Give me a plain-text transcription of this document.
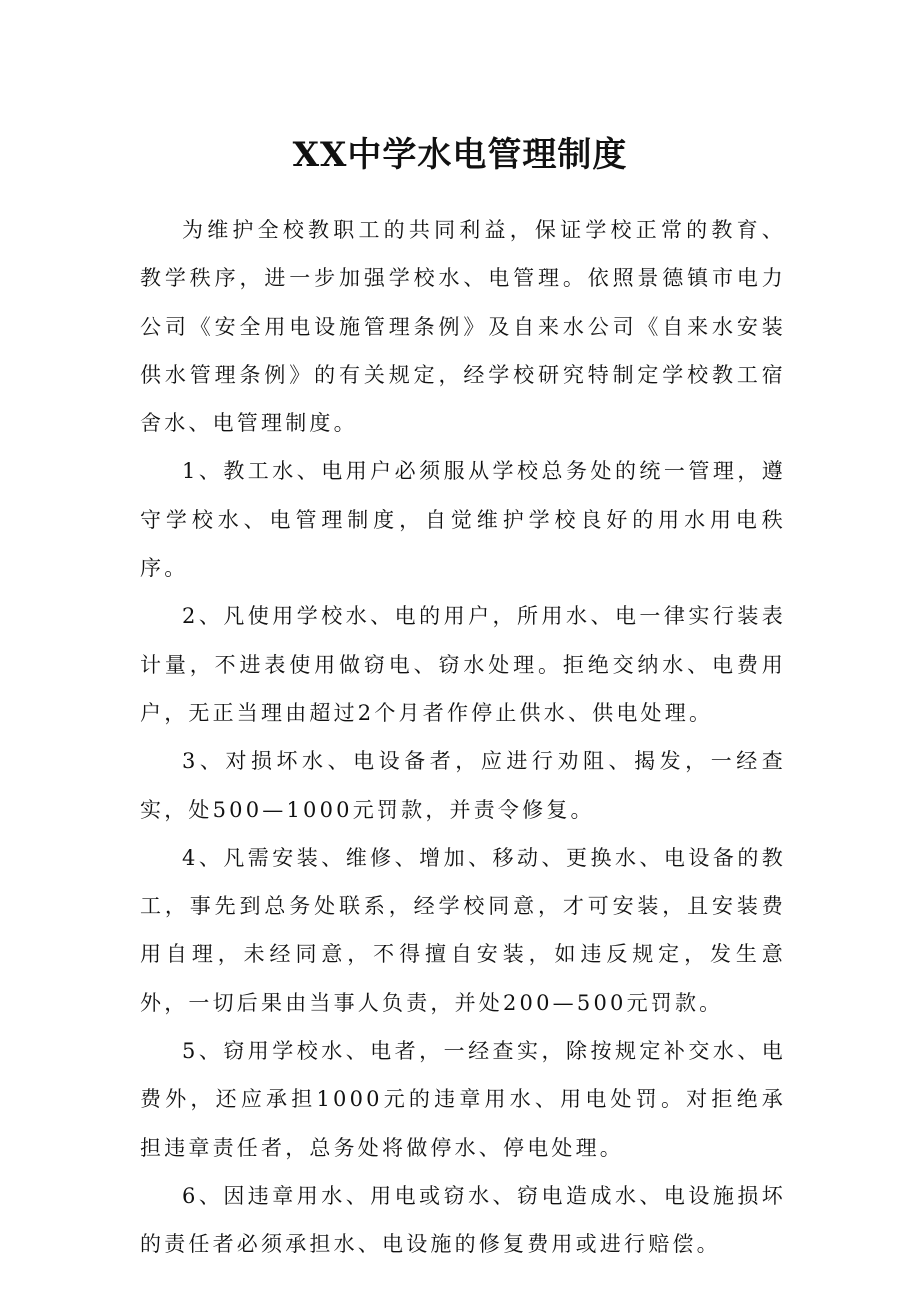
XX中学水电管理制度

为维护全校教职工的共同利益，保证学校正常的教育、教学秩序，进一步加强学校水、电管理。依照景德镇市电力公司《安全用电设施管理条例》及自来水公司《自来水安装供水管理条例》的有关规定，经学校研究特制定学校教工宿舍水、电管理制度。

1、教工水、电用户必须服从学校总务处的统一管理，遵守学校水、电管理制度，自觉维护学校良好的用水用电秩序。

2、凡使用学校水、电的用户，所用水、电一律实行装表计量，不进表使用做窃电、窃水处理。拒绝交纳水、电费用户，无正当理由超过2个月者作停止供水、供电处理。

3、对损坏水、电设备者，应进行劝阻、揭发，一经查实，处500—1000元罚款，并责令修复。

4、凡需安装、维修、增加、移动、更换水、电设备的教工，事先到总务处联系，经学校同意，才可安装，且安装费用自理，未经同意，不得擅自安装，如违反规定，发生意外，一切后果由当事人负责，并处200—500元罚款。

5、窃用学校水、电者，一经查实，除按规定补交水、电费外，还应承担1000元的违章用水、用电处罚。对拒绝承担违章责任者，总务处将做停水、停电处理。

6、因违章用水、用电或窃水、窃电造成水、电设施损坏的责任者必须承担水、电设施的修复费用或进行赔偿。
